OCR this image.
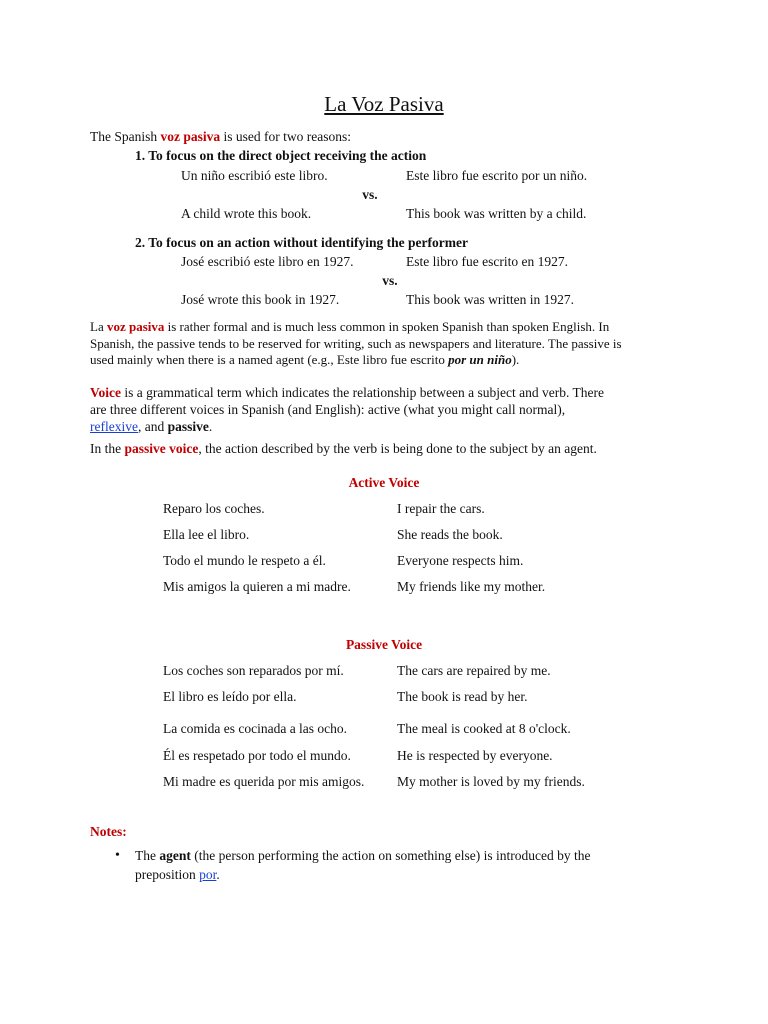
La Voz Pasiva
The Spanish voz pasiva is used for two reasons:
1. To focus on the direct object receiving the action
Un niño escribió este libro.	Este libro fue escrito por un niño.
vs.
A child wrote this book.	This book was written by a child.
2. To focus on an action without identifying the performer
José escribió este libro en 1927.	Este libro fue escrito en 1927.
vs.
José wrote this book in 1927.	This book was written in 1927.
La voz pasiva is rather formal and is much less common in spoken Spanish than spoken English. In
Spanish, the passive tends to be reserved for writing, such as newspapers and literature. The passive is
used mainly when there is a named agent (e.g., Este libro fue escrito por un niño).
Voice is a grammatical term which indicates the relationship between a subject and verb. There
are three different voices in Spanish (and English): active (what you might call normal),
reflexive, and passive.
In the passive voice, the action described by the verb is being done to the subject by an agent.
Active Voice
Reparo los coches.	I repair the cars.
Ella lee el libro.	She reads the book.
Todo el mundo le respeto a él.	Everyone respects him.
Mis amigos la quieren a mi madre.	My friends like my mother.
Passive Voice
Los coches son reparados por mí.	The cars are repaired by me.
El libro es leído por ella.	The book is read by her.
La comida es cocinada a las ocho.	The meal is cooked at 8 o'clock.
Él es respetado por todo el mundo.	He is respected by everyone.
Mi madre es querida por mis amigos. My mother is loved by my friends.
Notes:
• The agent (the person performing the action on something else) is introduced by the
preposition por.
